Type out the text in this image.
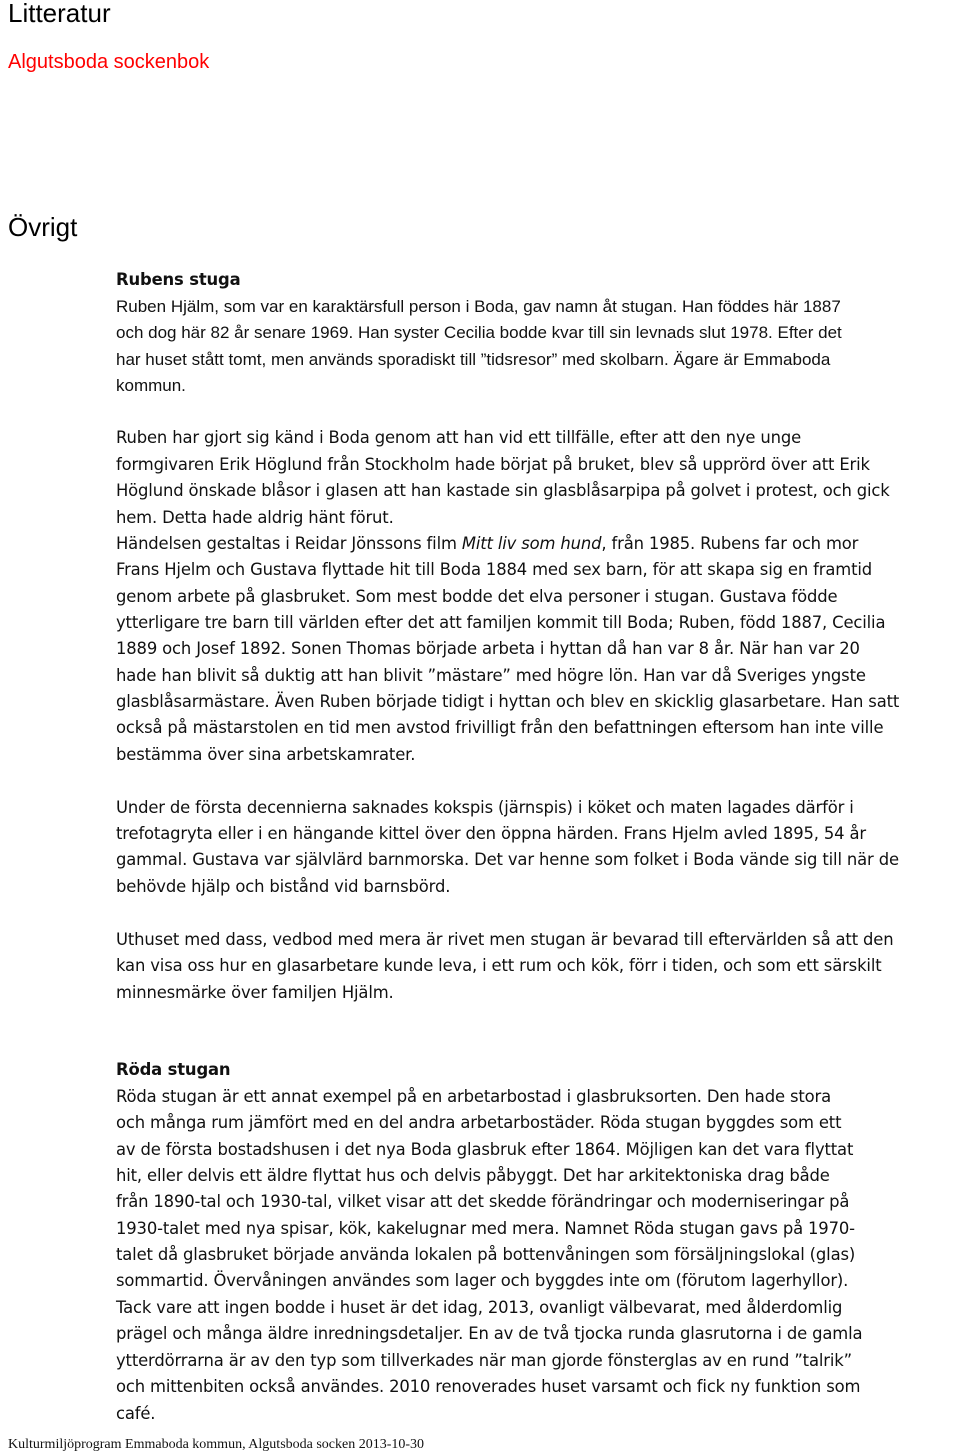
Litteratur
Algutsboda sockenbok
Övrigt
Rubens stuga
Ruben Hjälm, som var en karaktärsfull person i Boda, gav namn åt stugan. Han föddes här 1887
och dog här 82 år senare 1969. Han syster Cecilia bodde kvar till sin levnads slut 1978. Efter det
har huset stått tomt, men används sporadiskt till ”tidsresor” med skolbarn. Ägare är Emmaboda
kommun.
Ruben har gjort sig känd i Boda genom att han vid ett tillfälle, efter att den nye unge
formgivaren Erik Höglund från Stockholm hade börjat på bruket, blev så upprörd över att Erik
Höglund önskade blåsor i glasen att han kastade sin glasblåsarpipa på golvet i protest, och gick
hem. Detta hade aldrig hänt förut.
Händelsen gestaltas i Reidar Jönssons film Mitt liv som hund, från 1985. Rubens far och mor
Frans Hjelm och Gustava flyttade hit till Boda 1884 med sex barn, för att skapa sig en framtid
genom arbete på glasbruket. Som mest bodde det elva personer i stugan. Gustava födde
ytterligare tre barn till världen efter det att familjen kommit till Boda; Ruben, född 1887, Cecilia
1889 och Josef 1892. Sonen Thomas började arbeta i hyttan då han var 8 år. När han var 20
hade han blivit så duktig att han blivit ”mästare” med högre lön. Han var då Sveriges yngste
glasblåsarmästare. Även Ruben började tidigt i hyttan och blev en skicklig glasarbetare. Han satt
också på mästarstolen en tid men avstod frivilligt från den befattningen eftersom han inte ville
bestämma över sina arbetskamrater.
Under de första decennierna saknades kokspis (järnspis) i köket och maten lagades därför i
trefotagryta eller i en hängande kittel över den öppna härden. Frans Hjelm avled 1895, 54 år
gammal. Gustava var självlärd barnmorska. Det var henne som folket i Boda vände sig till när de
behövde hjälp och bistånd vid barnsbörd.
Uthuset med dass, vedbod med mera är rivet men stugan är bevarad till eftervärlden så att den
kan visa oss hur en glasarbetare kunde leva, i ett rum och kök, förr i tiden, och som ett särskilt
minnesmärke över familjen Hjälm.
Röda stugan
Röda stugan är ett annat exempel på en arbetarbostad i glasbruksorten. Den hade stora
och många rum jämfört med en del andra arbetarbostäder. Röda stugan byggdes som ett
av de första bostadshusen i det nya Boda glasbruk efter 1864. Möjligen kan det vara flyttat
hit, eller delvis ett äldre flyttat hus och delvis påbyggt. Det har arkitektoniska drag både
från 1890-tal och 1930-tal, vilket visar att det skedde förändringar och moderniseringar på
1930-talet med nya spisar, kök, kakelugnar med mera. Namnet Röda stugan gavs på 1970-
talet då glasbruket började använda lokalen på bottenvåningen som försäljningslokal (glas)
sommartid. Övervåningen användes som lager och byggdes inte om (förutom lagerhyllor).
Tack vare att ingen bodde i huset är det idag, 2013, ovanligt välbevarat, med ålderdomlig
prägel och många äldre inredningsdetaljer. En av de två tjocka runda glasrutorna i de gamla
ytterdörrarna är av den typ som tillverkades när man gjorde fönsterglas av en rund ”talrik”
och mittenbiten också användes. 2010 renoverades huset varsamt och fick ny funktion som
café.
Kulturmiljöprogram Emmaboda kommun, Algutsboda socken 2013-10-30
